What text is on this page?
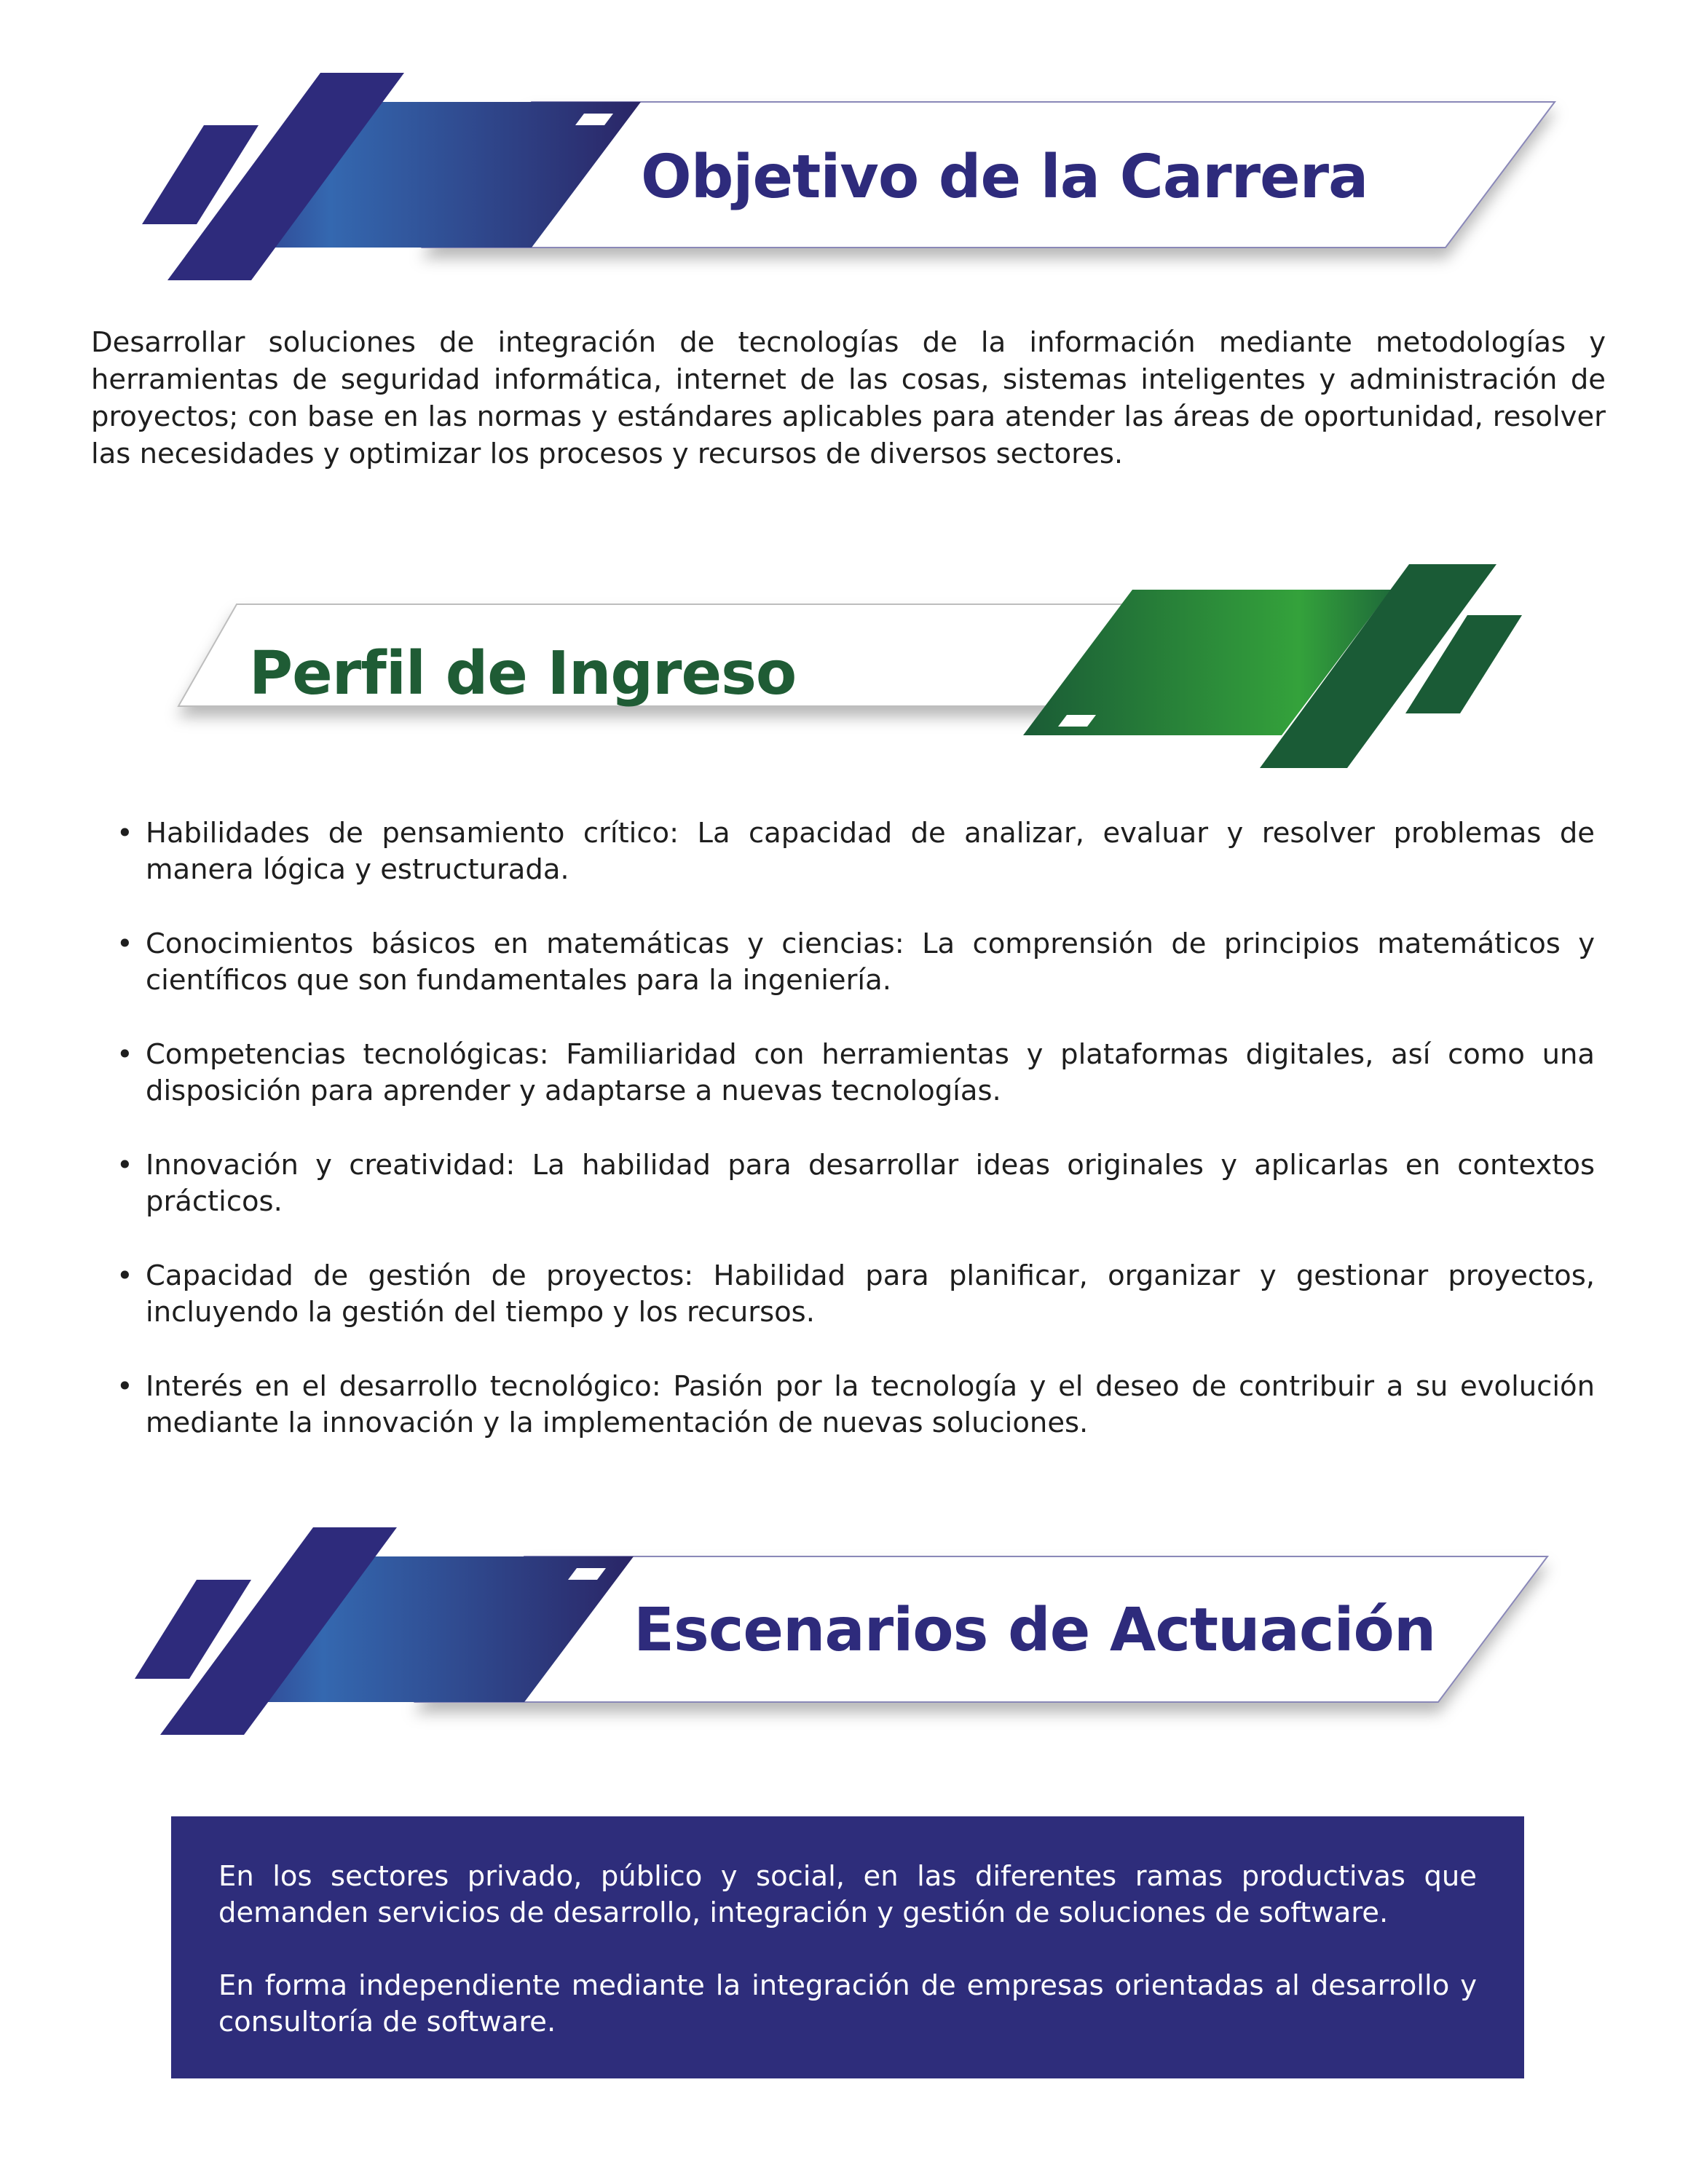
Objetivo de la Carrera

Desarrollar soluciones de integración de tecnologías de la información mediante metodologías y herramientas de seguridad informática, internet de las cosas, sistemas inteligentes y administración de proyectos; con base en las normas y estándares aplicables para atender las áreas de oportunidad, resolver las necesidades y optimizar los procesos y recursos de diversos sectores.

Perfil de Ingreso
• Habilidades de pensamiento crítico: La capacidad de analizar, evaluar y resolver problemas de manera lógica y estructurada.
• Conocimientos básicos en matemáticas y ciencias: La comprensión de principios matemáticos y científicos que son fundamentales para la ingeniería.
• Competencias tecnológicas: Familiaridad con herramientas y plataformas digitales, así como una disposición para aprender y adaptarse a nuevas tecnologías.
• Innovación y creatividad: La habilidad para desarrollar ideas originales y aplicarlas en contextos prácticos.
• Capacidad de gestión de proyectos: Habilidad para planificar, organizar y gestionar proyectos, incluyendo la gestión del tiempo y los recursos.
• Interés en el desarrollo tecnológico: Pasión por la tecnología y el deseo de contribuir a su evolución mediante la innovación y la implementación de nuevas soluciones.
Escenarios de Actuación

En los sectores privado, público y social, en las diferentes ramas productivas que demanden servicios de desarrollo, integración y gestión de soluciones de software.

En forma independiente mediante la integración de empresas orientadas al desarrollo y consultoría de software.
